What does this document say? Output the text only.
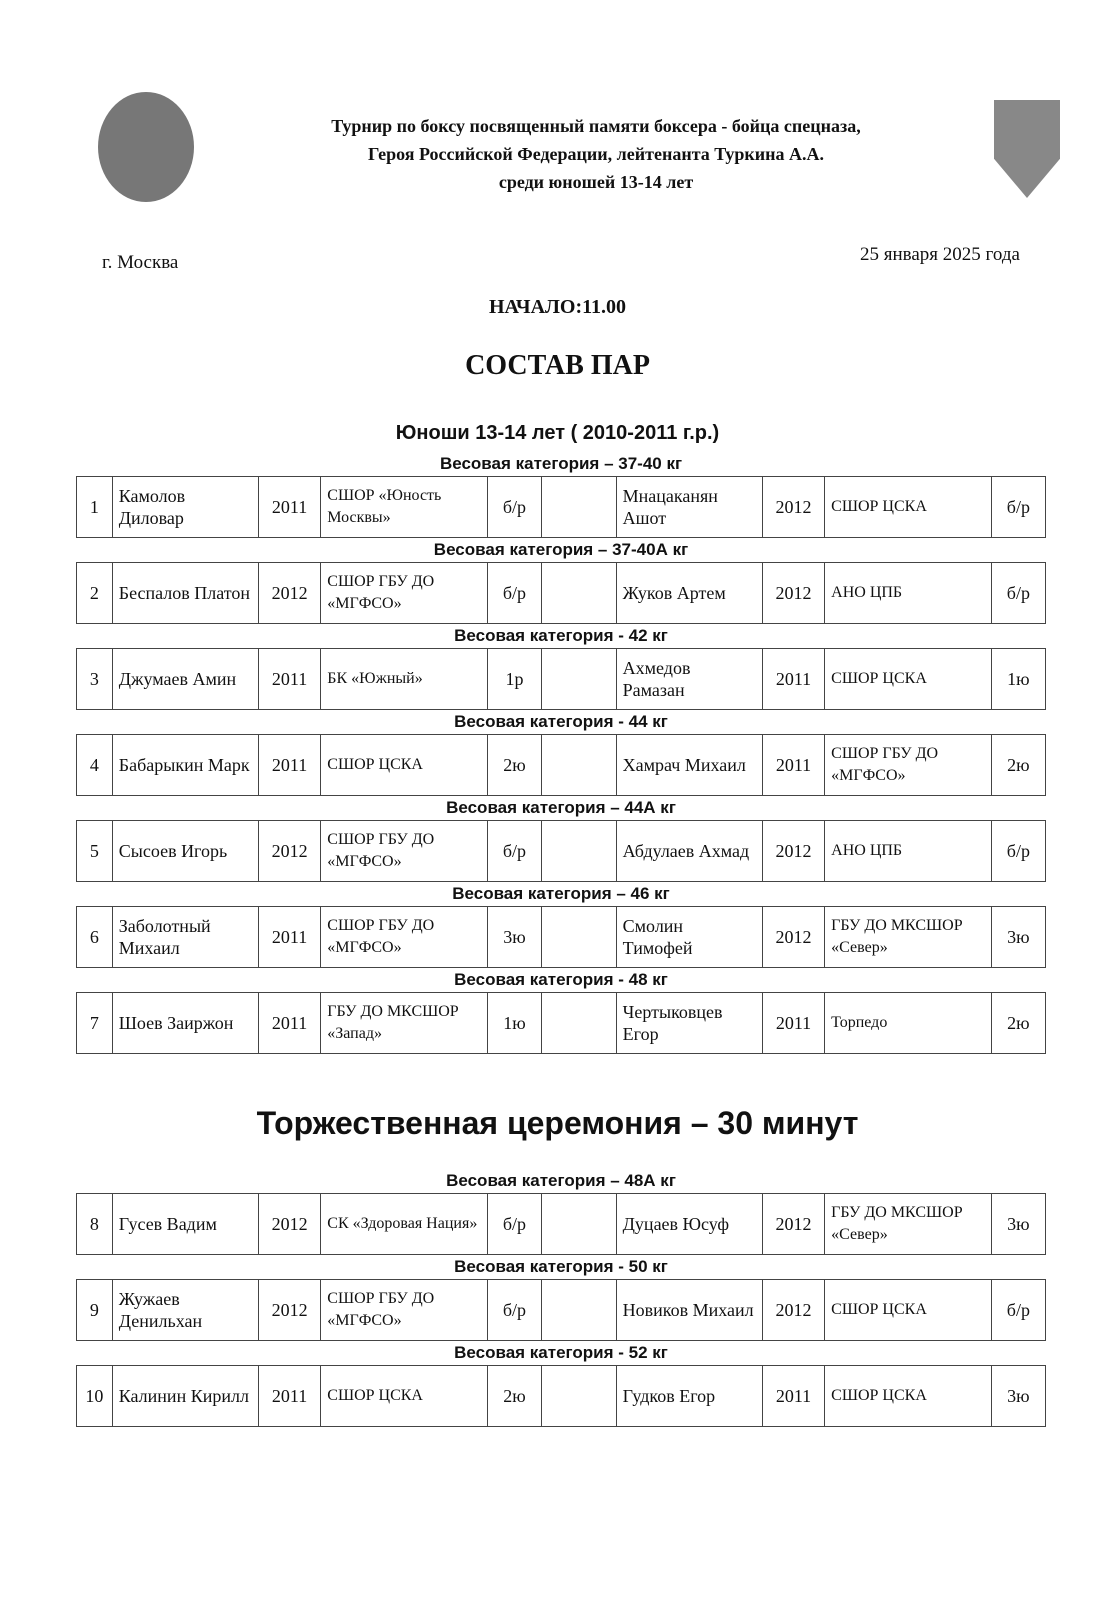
Турнир по боксу посвященный памяти боксера - бойца спецназа,
Героя Российской Федерации, лейтенанта Туркина А.А.
среди юношей 13-14 лет
г. Москва	25 января 2025 года
НАЧАЛО:11.00
СОСТАВ ПАР
Юноши 13-14 лет ( 2010-2011 г.р.)
Торжественная церемония – 30 минут
Весовая категория – 37-40 кг
1	Камолов Диловар	2011	СШОР «Юность Москвы»	б/р		Мнацаканян Ашот	2012	СШОР ЦСКА	б/р
Весовая категория – 37-40А кг
2	Беспалов Платон	2012	СШОР ГБУ ДО «МГФСО»	б/р		Жуков Артем	2012	АНО ЦПБ	б/р
Весовая категория - 42 кг
3	Джумаев Амин	2011	БК «Южный»	1р		Ахмедов Рамазан	2011	СШОР ЦСКА	1ю
Весовая категория - 44 кг
4	Бабарыкин Марк	2011	СШОР ЦСКА	2ю		Хамрач Михаил	2011	СШОР ГБУ ДО «МГФСО»	2ю
Весовая категория – 44А кг
5	Сысоев Игорь	2012	СШОР ГБУ ДО «МГФСО»	б/р		Абдулаев Ахмад	2012	АНО ЦПБ	б/р
Весовая категория – 46 кг
6	Заболотный Михаил	2011	СШОР ГБУ ДО «МГФСО»	3ю		Смолин Тимофей	2012	ГБУ ДО МКСШОР «Север»	3ю
Весовая категория - 48 кг
7	Шоев Заиржон	2011	ГБУ ДО МКСШОР «Запад»	1ю		Чертыковцев Егор	2011	Торпедо	2ю
Весовая категория – 48А кг
8	Гусев Вадим	2012	СК «Здоровая Нация»	б/р		Дуцаев Юсуф	2012	ГБУ ДО МКСШОР «Север»	3ю
Весовая категория - 50 кг
9	Жужаев Денильхан	2012	СШОР ГБУ ДО «МГФСО»	б/р		Новиков Михаил	2012	СШОР ЦСКА	б/р
Весовая категория - 52 кг
10	Калинин Кирилл	2011	СШОР ЦСКА	2ю		Гудков Егор	2011	СШОР ЦСКА	3ю
